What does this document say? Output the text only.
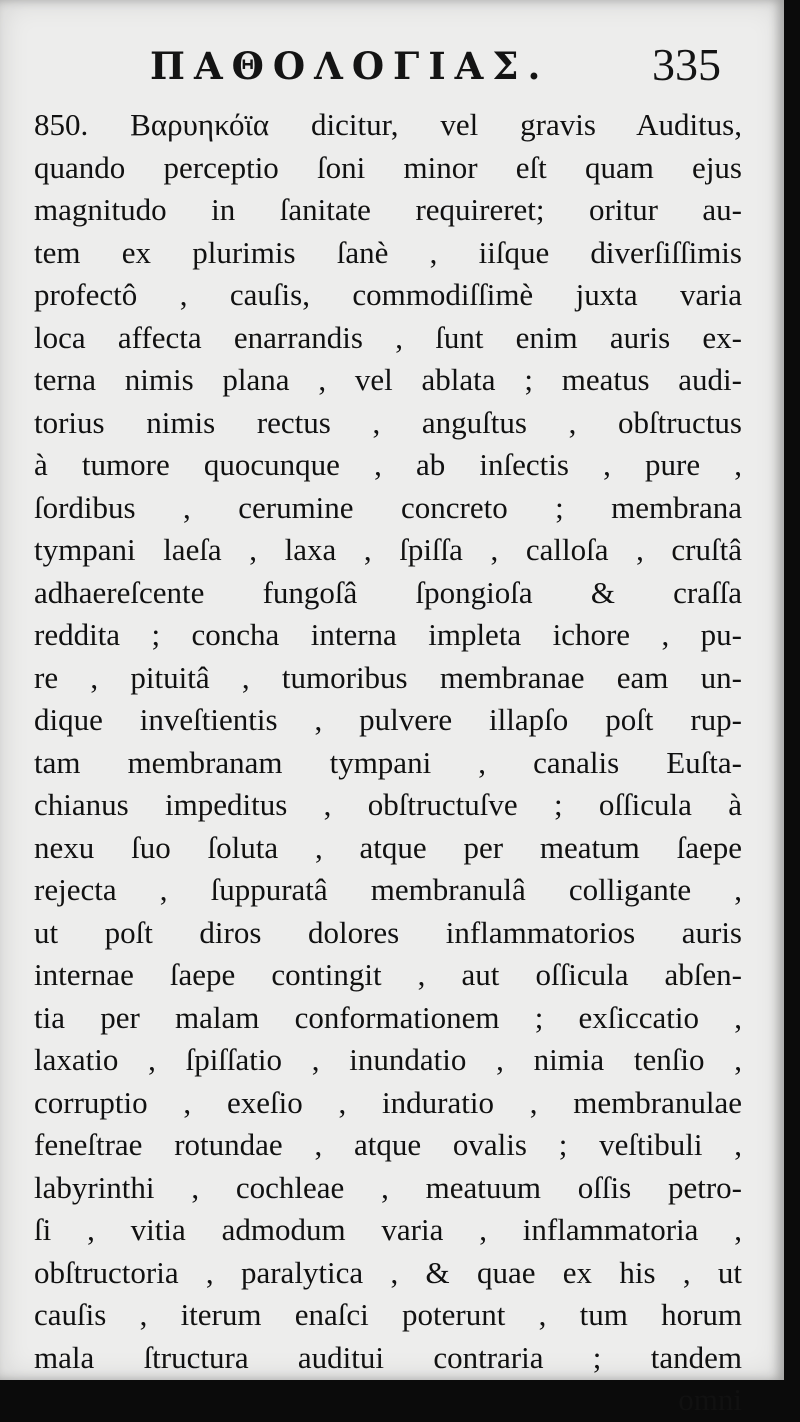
ΠΑΘΟΛΟΓΙΑΣ. 335
850. Βαρυηκόϊα dicitur, vel gravis Auditus,
quando perceptio ſoni minor eſt quam ejus
magnitudo in ſanitate requireret; oritur au-
tem ex plurimis ſanè , iiſque diverſiſſimis
profectô , cauſis, commodiſſimè juxta varia
loca affecta enarrandis , ſunt enim auris ex-
terna nimis plana , vel ablata ; meatus audi-
torius nimis rectus , anguſtus , obſtructus
à tumore quocunque , ab inſectis , pure ,
ſordibus , cerumine concreto ; membrana
tympani laeſa , laxa , ſpiſſa , calloſa , cruſtâ
adhaereſcente fungoſâ ſpongioſa & craſſa
reddita ; concha interna impleta ichore , pu-
re , pituitâ , tumoribus membranae eam un-
dique inveſtientis , pulvere illapſo poſt rup-
tam membranam tympani , canalis Euſta-
chianus impeditus , obſtructuſve ; oſſicula à
nexu ſuo ſoluta , atque per meatum ſaepe
rejecta , ſuppuratâ membranulâ colligante ,
ut poſt diros dolores inflammatorios auris
internae ſaepe contingit , aut oſſicula abſen-
tia per malam conformationem ; exſiccatio ,
laxatio , ſpiſſatio , inundatio , nimia tenſio ,
corruptio , exeſio , induratio , membranulae
feneſtrae rotundae , atque ovalis ; veſtibuli ,
labyrinthi , cochleae , meatuum oſſis petro-
ſi , vitia admodum varia , inflammatoria ,
obſtructoria , paralytica , & quae ex his , ut
cauſis , iterum enaſci poterunt , tum horum
mala ſtructura auditui contraria ; tandem
omni
